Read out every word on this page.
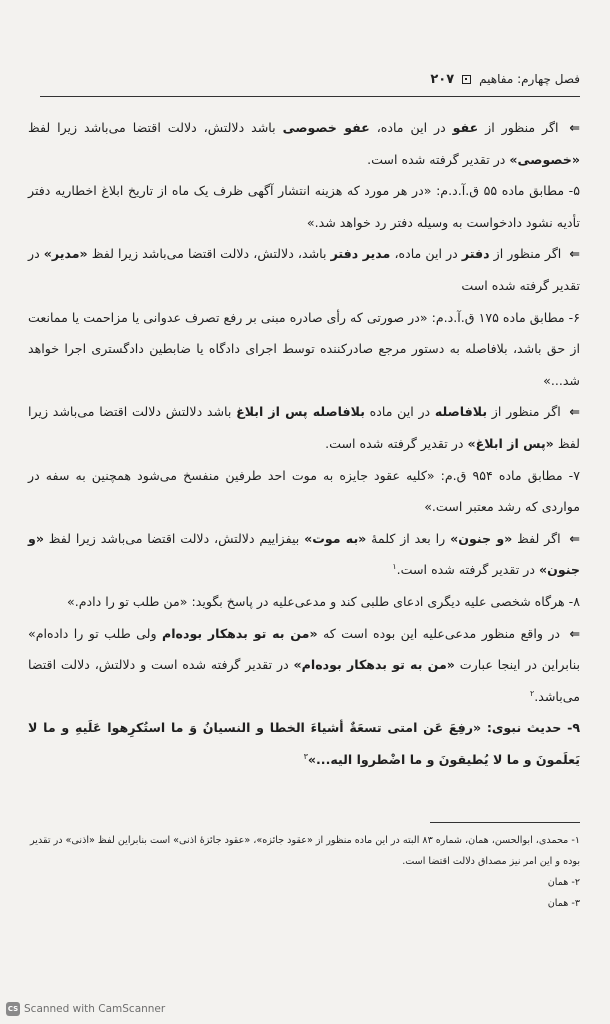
فصل چهارم: مفاهیم
۲۰۷

⇐ اگر منظور از عفو در این ماده، عفو خصوصی باشد دلالتش، دلالت اقتضا می‌باشد زیرا لفظ «خصوصی» در تقدیر گرفته شده است.

۵- مطابق ماده ۵۵ ق.آ.د.م: «در هر مورد که هزینه انتشار آگهی ظرف یک ماه از تاریخ ابلاغ اخطاریه دفتر تأدیه نشود دادخواست به وسیله دفتر رد خواهد شد.»

⇐ اگر منظور از دفتر در این ماده، مدیر دفتر باشد، دلالتش، دلالت اقتضا می‌باشد زیرا لفظ «مدیر» در تقدیر گرفته شده است

۶- مطابق ماده ۱۷۵ ق.آ.د.م: «در صورتی که رأی صادره مبنی بر رفع تصرف عدوانی یا مزاحمت یا ممانعت از حق باشد، بلافاصله به دستور مرجع صادرکننده توسط اجرای دادگاه یا ضابطین دادگستری اجرا خواهد شد...»

⇐ اگر منظور از بلافاصله در این ماده بلافاصله پس از ابلاغ باشد دلالتش دلالت اقتضا می‌باشد زیرا لفظ «پس از ابلاغ» در تقدیر گرفته شده است.

۷- مطابق ماده ۹۵۴ ق.م: «کلیه عقود جایزه به موت احد طرفین منفسخ می‌شود همچنین به سفه در مواردی که رشد معتبر است.»

⇐ اگر لفظ «و جنون» را بعد از کلمهٔ «به موت» بیفزاییم دلالتش، دلالت اقتضا می‌باشد زیرا لفظ «و جنون» در تقدیر گرفته شده است.$^۱$

۸- هرگاه شخصی علیه دیگری ادعای طلبی کند و مدعی‌علیه در پاسخ بگوید: «من طلب تو را دادم.»

⇐ در واقع منظور مدعی‌علیه این بوده است که «من به تو بدهکار بوده‌ام ولی طلب تو را داده‌ام» بنابراین در اینجا عبارت «من به تو بدهکار بوده‌ام» در تقدیر گرفته شده است و دلالتش، دلالت اقتضا می‌باشد.$^۲$

۹- حدیث نبوی: «رفِعَ عَن امتی تسعَةٌ أشیاءَ الخطا و النسیانُ وَ ما استُکرِهوا عَلَیهِ و ما لا یَعلَمونَ و ما لا یُطیقونَ و ما اضْطروا الیه...»$^۳$

۱- محمدی، ابوالحسن، همان، شماره ۸۳ البته در این ماده منظور از «عقود جائزه»، «عقود جائزهٔ اذنی» است بنابراین لفظ «اذنی» در تقدیر بوده و این امر نیز مصداق دلالت اقتضا است.

۲- همان

۳- همان

CS Scanned with CamScanner
